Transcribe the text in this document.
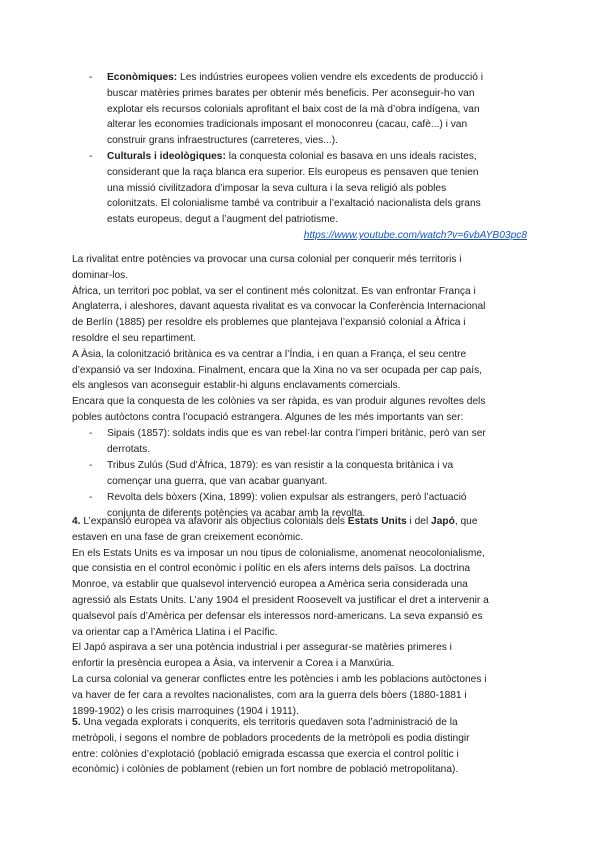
- Econòmiques: Les indústries europees volien vendre els excedents de producció i
buscar matèries primes barates per obtenir més beneficis. Per aconseguir-ho van
explotar els recursos colonials aprofitant el baix cost de la mà d’obra indígena, van
alterar les economies tradicionals imposant el monoconreu (cacau, cafè...) i van
construir grans infraestructures (carreteres, vies...).
- Culturals i ideològiques: la conquesta colonial es basava en uns ideals racistes,
considerant que la raça blanca era superior. Els europeus es pensaven que tenien
una missió civilitzadora d’imposar la seva cultura i la seva religió als pobles
colonitzats. El colonialisme també va contribuir a l’exaltació nacionalista dels grans
estats europeus, degut a l’augment del patriotisme.
https://www.youtube.com/watch?v=6vbAYB03pc8
La rivalitat entre potències va provocar una cursa colonial per conquerir més territoris i
dominar-los.
Àfrica, un territori poc poblat, va ser el continent més colonitzat. Es van enfrontar França i
Anglaterra, i aleshores, davant aquesta rivalitat es va convocar la Conferència Internacional
de Berlín (1885) per resoldre els problemes que plantejava l’expansió colonial a Àfrica i
resoldre el seu repartiment.
A Àsia, la colonització britànica es va centrar a l’Índia, i en quan a França, el seu centre
d’expansió va ser Indoxina. Finalment, encara que la Xina no va ser ocupada per cap país,
els anglesos van aconseguir establir-hi alguns enclavaments comercials.
Encara que la conquesta de les colònies va ser ràpida, es van produir algunes revoltes dels
pobles autòctons contra l’ocupació estrangera. Algunes de les més importants van ser:
- Sipais (1857): soldats indis que es van rebel·lar contra l’imperi britànic, però van ser
derrotats.
- Tribus Zulús (Sud d’Àfrica, 1879): es van resistir a la conquesta britànica i va
començar una guerra, que van acabar guanyant.
- Revolta dels bòxers (Xina, 1899): volien expulsar als estrangers, però l’actuació
conjunta de diferents potències va acabar amb la revolta.
4. L’expansió europea va afavorir als objectius colonials dels Estats Units i del Japó, que
estaven en una fase de gran creixement econòmic.
En els Estats Units es va imposar un nou tipus de colonialisme, anomenat neocolonialisme,
que consistia en el control econòmic i polític en els afers interns dels països. La doctrina
Monroe, va establir que qualsevol intervenció europea a Amèrica seria considerada una
agressió als Estats Units. L’any 1904 el president Roosevelt va justificar el dret a intervenir a
qualsevol país d’Amèrica per defensar els interessos nord-americans. La seva expansió es
va orientar cap a l’Amèrica Llatina i el Pacífic.
El Japó aspirava a ser una potència industrial i per assegurar-se matèries primeres i
enfortir la presència europea a Àsia, va intervenir a Corea i a Manxúria.
La cursa colonial va generar conflictes entre les potències i amb les poblacions autòctones i
va haver de fer cara a revoltes nacionalistes, com ara la guerra dels bòers (1880-1881 i
1899-1902) o les crisis marroquines (1904 i 1911).
5. Una vegada explorats i conquerits, els territoris quedaven sota l’administració de la
metròpoli, i segons el nombre de pobladors procedents de la metròpoli es podia distingir
entre: colònies d’explotació (població emigrada escassa que exercia el control polític i
econòmic) i colònies de poblament (rebien un fort nombre de població metropolitana).
